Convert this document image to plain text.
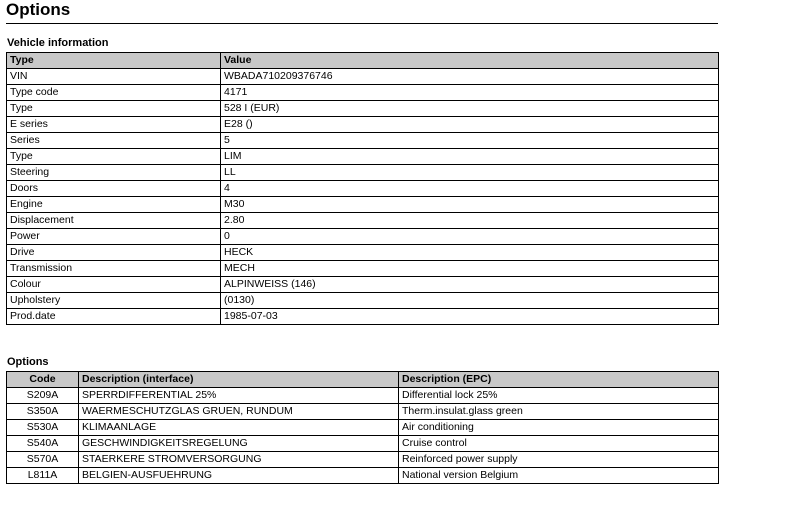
Options
Vehicle information
Type	Value
VIN	WBADA710209376746
Type code	4171
Type	528 I (EUR)
E series	E28 ()
Series	5
Type	LIM
Steering	LL
Doors	4
Engine	M30
Displacement	2.80
Power	0
Drive	HECK
Transmission	MECH
Colour	ALPINWEISS (146)
Upholstery	(0130)
Prod.date	1985-07-03
Options
Code	Description (interface)	Description (EPC)
S209A	SPERRDIFFERENTIAL 25%	Differential lock 25%
S350A	WAERMESCHUTZGLAS GRUEN, RUNDUM	Therm.insulat.glass green
S530A	KLIMAANLAGE	Air conditioning
S540A	GESCHWINDIGKEITSREGELUNG	Cruise control
S570A	STAERKERE STROMVERSORGUNG	Reinforced power supply
L811A	BELGIEN-AUSFUEHRUNG	National version Belgium
